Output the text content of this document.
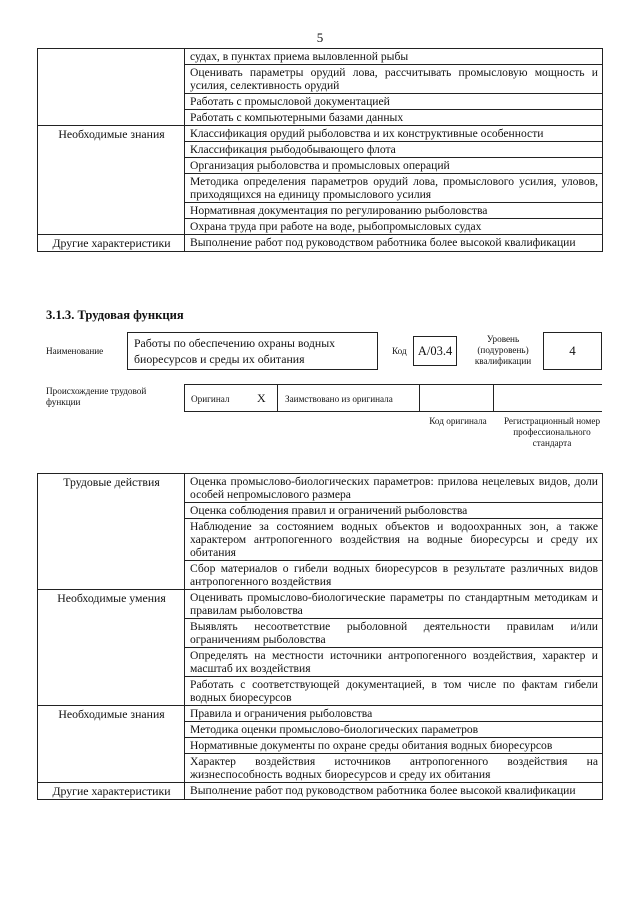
5
	судах, в пунктах приема выловленной рыбы
	Оценивать параметры орудий лова, рассчитывать промысловую мощность и усилия, селективность орудий
	Работать с промысловой документацией
	Работать с компьютерными базами данных
Необходимые знания	Классификация орудий рыболовства и их конструктивные особенности
	Классификация рыбодобывающего флота
	Организация рыболовства и промысловых операций
	Методика определения параметров орудий лова, промыслового усилия, уловов, приходящихся на единицу промыслового усилия
	Нормативная документация по регулированию рыболовства
	Охрана труда при работе на воде, рыбопромысловых судах
Другие характеристики	Выполнение работ под руководством работника более высокой квалификации
3.1.3. Трудовая функция
Наименование
Работы по обеспечению охраны водных биоресурсов и среды их обитания
Код A/03.4
Уровень (подуровень) квалификации
4
Происхождение трудовой функции	Оригинал X Заимствовано из оригинала
Код оригинала	Регистрационный номер профессионального стандарта
Трудовые действия	Оценка промыслово-биологических параметров: прилова нецелевых видов, доли особей непромыслового размера
	Оценка соблюдения правил и ограничений рыболовства
	Наблюдение за состоянием водных объектов и водоохранных зон, а также характером антропогенного воздействия на водные биоресурсы и среду их обитания
	Сбор материалов о гибели водных биоресурсов в результате различных видов антропогенного воздействия
Необходимые умения	Оценивать промыслово-биологические параметры по стандартным методикам и правилам рыболовства
	Выявлять несоответствие рыболовной деятельности правилам и/или ограничениям рыболовства
	Определять на местности источники антропогенного воздействия, характер и масштаб их воздействия
	Работать с соответствующей документацией, в том числе по фактам гибели водных биоресурсов
Необходимые знания	Правила и ограничения рыболовства
	Методика оценки промыслово-биологических параметров
	Нормативные документы по охране среды обитания водных биоресурсов
	Характер воздействия источников антропогенного воздействия на жизнеспособность водных биоресурсов и среду их обитания
Другие характеристики	Выполнение работ под руководством работника более высокой квалификации
